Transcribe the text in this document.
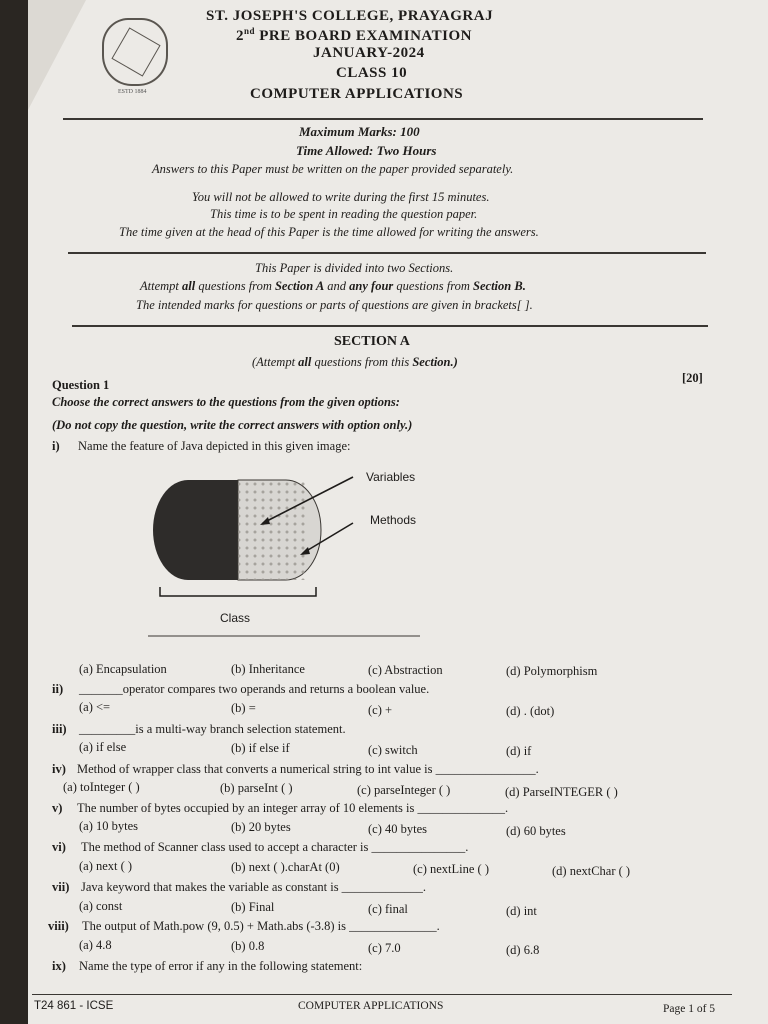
ESTD 1884
ST. JOSEPH'S COLLEGE, PRAYAGRAJ
2nd PRE BOARD EXAMINATION
JANUARY-2024
CLASS 10
COMPUTER APPLICATIONS
Maximum Marks: 100
Time Allowed: Two Hours
Answers to this Paper must be written on the paper provided separately.
You will not be allowed to write during the first 15 minutes.
This time is to be spent in reading the question paper.
The time given at the head of this Paper is the time allowed for writing the answers.
This Paper is divided into two Sections.
Attempt all questions from Section A and any four questions from Section B.
The intended marks for questions or parts of questions are given in brackets[ ].
SECTION A
(Attempt all questions from this Section.)
Question 1	[20]
Choose the correct answers to the questions from the given options:
(Do not copy the question, write the correct answers with option only.)
i) Name the feature of Java depicted in this given image:
Variables
Methods
Class
(a) Encapsulation	(b) Inheritance	(c) Abstraction	(d) Polymorphism
ii) _______operator compares two operands and returns a boolean value.
(a) <=	(b) =	(c) +	(d) . (dot)
iii) _________is a multi-way branch selection statement.
(a) if else	(b) if else if	(c) switch	(d) if
iv) Method of wrapper class that converts a numerical string to int value is ________________.
(a) toInteger ( )	(b) parseInt ( )	(c) parseInteger ( )	(d) ParseINTEGER ( )
v) The number of bytes occupied by an integer array of 10 elements is ______________.
(a) 10 bytes	(b) 20 bytes	(c) 40 bytes	(d) 60 bytes
vi) The method of Scanner class used to accept a character is _______________.
(a) next ( )	(b) next ( ).charAt (0)	(c) nextLine ( )	(d) nextChar ( )
vii) Java keyword that makes the variable as constant is _____________.
(a) const	(b) Final	(c) final	(d) int
viii) The output of Math.pow (9, 0.5) + Math.abs (-3.8) is ______________.
(a) 4.8	(b) 0.8	(c) 7.0	(d) 6.8
ix) Name the type of error if any in the following statement:
T24 861 - ICSE	COMPUTER APPLICATIONS	Page 1 of 5
